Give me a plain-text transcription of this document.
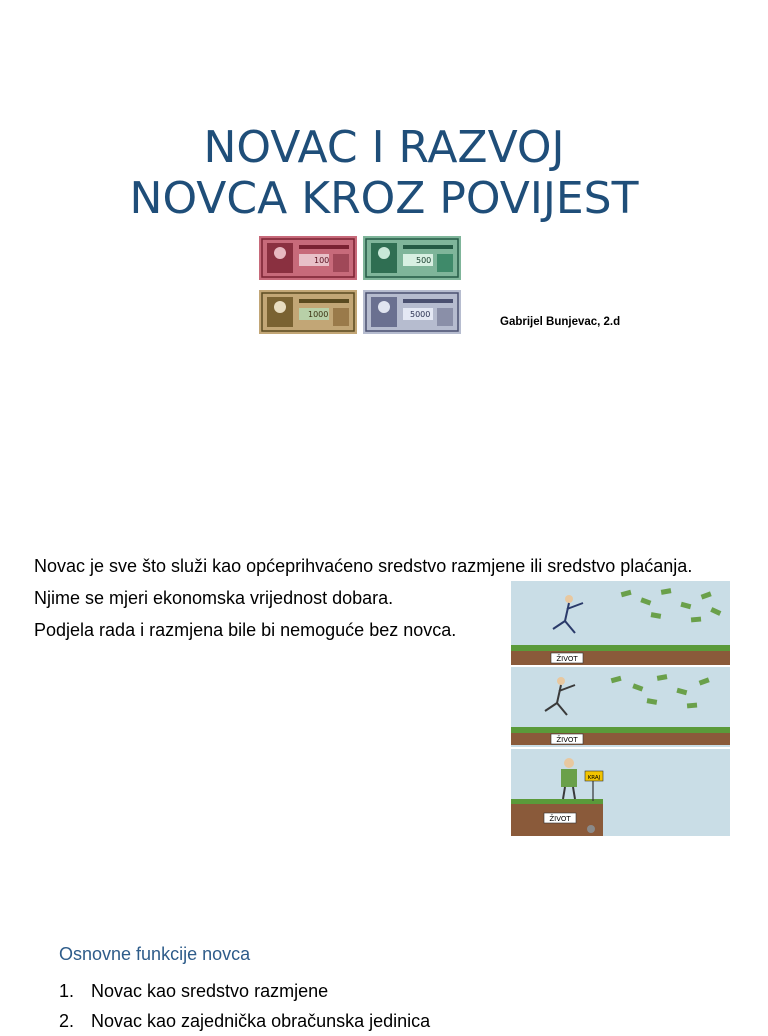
NOVAC I RAZVOJ
NOVCA KROZ POVIJEST
100	500
1000	5000
Gabrijel Bunjevac, 2.d

Novac je sve što služi kao općeprihvaćeno sredstvo razmjene ili sredstvo plaćanja.

Njime se mjeri ekonomska vrijednost dobara.

Podjela rada i razmjena bile bi nemoguće bez novca.

ŽIVOT
ŽIVOT
ŽIVOT
KRAJ
Osnovne funkcije novca
1. Novac kao sredstvo razmjene
2. Novac kao zajednička obračunska jedinica
